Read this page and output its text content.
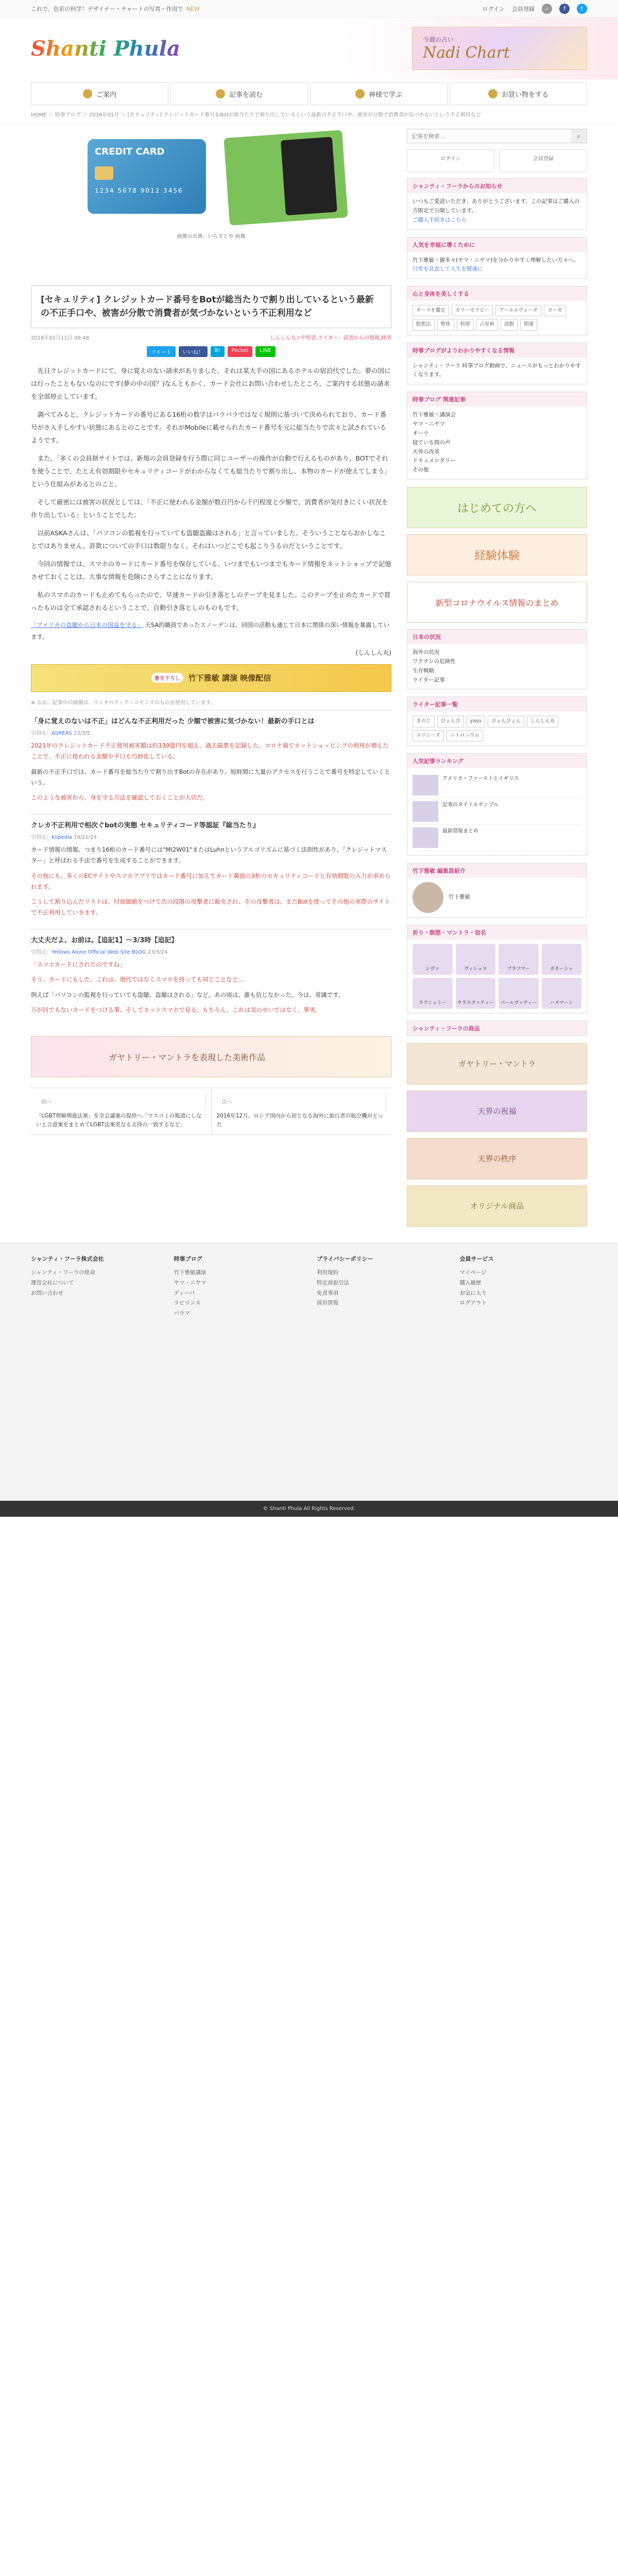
これで、色彩の科学！デザイナー・チャートの写真・作用で NEW	ログイン 会員登録	⌕	f	t
Shanti Phula	今週の占い
Nadi Chart
ご案内	記事を読む	神様で学ぶ	お買い物をする
HOME ＞ 時事ブログ ＞ 2016年01月 ＞ [セキュリティ] クレジットカード番号をBotが総当たりで割り出しているという最新の不正手口や、被害が分散で消費者が気づかないという不正利用など
CREDIT CARD
1234 5678 9012 3456
画像の出典：いらすとや 画像
[セキュリティ] クレジットカード番号をBotが総当たりで割り出しているという最新の不正手口や、被害が分散で消費者が気づかないという不正利用など
2016年01月11日 09:48	しんしん丸 / 中堅者,ライター：読者からの情報,経済
ツイート	いいね！	B!	Pocket	LINE

先日クレジットカードにて、身に覚えのない請求がありました。それは某大手の国にあるホテルの宿泊代でした。夢の国には行ったこともないなのにです(夢の中の国？)なんともかく、カード会社にお問い合わせしたところ、ご案内する状態の請求を全部停止しています。

調べてみると、クレジットカードの番号にある16桁の数字はバラバラではなく規則に基づいて決められており、カード番号がさ入手しやすい状態にあるとのことです。それがMobileに載せられたカード番号を元に総当たりで次々と試されているようです。

また、「多くの会員制サイトでは、新規の会員登録を行う際に同じユーザーの操作が自動で行えるものがあり、BOTでそれを使うことで、たとえ有効期限やセキュリティコードがわからなくても総当たりで割り出し、本物のカードが使えてしまう」という仕組みがあるとのこと。

そして厳密には被害の状況としては、「不正に使われる金額が数百円から千円程度と少額で、消費者が気付きにくい状況を作り出している」ということでした。

以前ASKAさんは、「パソコンの監視を行っていても盗聴盗撮はされる」と言っていました。そういうことならおかしなことではありません。詐欺についての手口は数限りなく、それはいつどこでも起こりうるのだということです。

今回の情報では、スマホのカードにカード番号を保存している、いつまでもいつまでもカード情報をネットショップで記憶させておくことは、大事な情報を危険にさらすことになります。

私のスマホのカードも止めてもらったので、早速カードの引き落としのテープを見ました。このテープを止めたカードで買ったものは全て承認されるということで、自動引き落としのものもです。

「アメリカの盗聴から日本の国益を守る」 天SA的職員であったスノーデンは、同国の活動も通じて日本に関係の深い情報を暴露しています。

(しんしん丸)
書き下ろし	竹下雅敏 講演 映像配信
※ なお、記事中の画像は、ウィキペディア・コモンズのものを使用しています。
「身に覚えのないは不正」はどんな不正利用だった 少額で被害に気づかない！最新の手口とは
引用元：ASREAS 23/3/5

2021年のクレジットカード不正使用被害額は約330億円を超え、過去最悪を記録した。コロナ禍でネットショッピングの利用が増えたことで、不正に使われる金額や手口も巧妙化している。

最新の不正手口では、カード番号を総当たりで割り出すBotの存在があり、短時間に大量のアクセスを行うことで番号を特定していくという。

このような被害から、身を守る方法を確認しておくことが大切だ。

クレカ不正利用で相次ぐbotの実態 セキュリティコード等認証『総当たり』
引用元：Kiipedia 19/11/24

カード情報の情報、つまり16桁のカード番号には"MI2W01"またはLuhnというアルゴリズムに基づく法則性があり、「クレジットマスター」と呼ばれる手法で番号を生成することができます。

その他にも、多くのECサイトやスマホアプリではカード番号に加えてカード裏面の3桁のセキュリティコードと有効期限の入力が求められます。

こうして割り込んだリストは、付加価値をつけて次の段階の攻撃者に販売され、その攻撃者は、またBotを使ってその他の実際のサイトで不正利用していきます。

大丈夫だよ、お前は。【追記1】〜3/3時【追記】
引用元：Yellows Alone Official Web Site BLOG 23/3/24

「スマホカードにされたのですね」

そう、カードにもした。これは、現代ではなくスマホを持っても同じことなど...

例えば「パソコンの監視を行っていても盗聴、盗撮はされる」など。あの頃は、誰も信じなかった。今は、常識です。

万が回でもないカードをつける事、そしてネットスマホで見る。もちろん、これは気のせいではなく、事実。

ガヤトリー・マントラを表現した美術作品
前へ
「LGBT理解増進法案」を全会議案の提供へ「マスコミの報道にしないと合意案をまとめてLGBT法案更なる支持の一致するなど」
次へ
2016年12月、ロシア国内から初となる海外に旅行者の航空機がとった
記事を検索...
⌕
ログイン	会員登録
シャンティ・フーラからのお知らせ
いつもご愛読いただき、ありがとうございます。この記事はご購入の方限定で公開しています。
ご購入手続きはこちら
人気を幸福に導くために
竹下雅敏・御多々(ヤマ・ニヤマ)を分かりやすく理解したい方々へ。
日常を見直して人生を健康に
心と身体を美しくする
オーラを鑑定	カラーセラピー	アーユルヴェーダ	ヨーガ
瞑想法	整体	料理	占星術	波動	開運
時事ブログがよりわかりやすくなる情報
シャンティ・フーラ 時事ブログ動画で、ニュースがもっとわかりやすくなります。
時事ブログ 関連記事
竹下雅敏・講演会
ヤマ・ニヤマ
オーラ
寝ている間の声
天界の改革
ドキュメンタリー
その他
はじめての方へ
経験体験
新型コロナウイルス情報のまとめ
日本の状況
海外の状況
ワクチンの危険性
生存戦略
ライター記事
ライター記事一覧
まのじ	ぴょんぴ	yasu	ぴょんぴょん	しんしん丸
ユリシーズ	ニトロニウム
人気記事ランキング
アメリカ・ファーストとイギリス
記事のタイトルサンプル
最新情報まとめ
竹下雅敏 編集員紹介
竹下雅敏
祈り・瞑想・マントラ・宿名
シヴァ	ヴィシュヌ	ブラフマー	ガネーシャ
ラクシュミー	サラスヴァティー	パールヴァティー	ハヌマーン
シャンティ・フーラの商品
ガヤトリー・マントラ
天界の祝福
天界の秩序
オリジナル商品
シャンティ・フーラ株式会社
シャンティ・フーラの使命
運営会社について
お問い合わせ
時事ブログ
竹下雅敏講演
ヤマ・ニヤマ
ディーパ
ラビリンス
パラマ
プライバシーポリシー
利用規約
特定商取引法
免責事項
採用情報
会員サービス
マイページ
購入履歴
お気に入り
ログアウト
© Shanti Phula All Rights Reserved.
